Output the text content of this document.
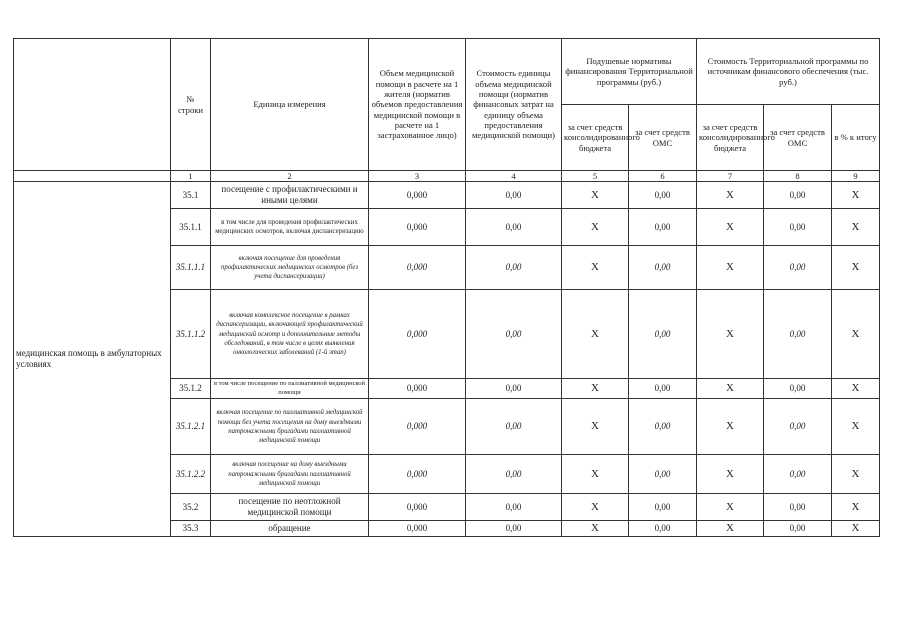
	№ строки	Единица измерения	Объем медицинской помощи в расчете на 1 жителя (норматив объемов предоставления медицинской помощи в расчете на 1 застрахованное лицо)	Стоимость единицы объема медицинской помощи (норматив финансовых затрат на единицу объема предоставления медицинской помощи)	Подушевые нормативы финансирования Территориальной программы (руб.)		Стоимость Территориальной программы по источникам финансового обеспечения (тыс. руб.)		
					за счет средств консолидированного бюджета	за счет средств ОМС	за счет средств консолидированного бюджета	за счет средств ОМС	в % к итогу
	1	2	3	4	5	6	7	8	9
медицинская помощь в амбулаторных условиях	35.1	посещение с профилактическими и иными целями	0,000	0,00	X	0,00	X	0,00	X
	35.1.1	в том числе для проведения профилактических медицинских осмотров, включая диспансеризацию	0,000	0,00	X	0,00	X	0,00	X
	35.1.1.1	включая посещение для проведения профилактических медицинских осмотров (без учета диспансеризации)	0,000	0,00	X	0,00	X	0,00	X
	35.1.1.2	включая комплексное посещение в рамках диспансеризации, включающей профилактический медицинский осмотр и дополнительные методы обследований, в том числе в целях выявления онкологических заболеваний (1-й этап)	0,000	0,00	X	0,00	X	0,00	X
	35.1.2	в том числе посещение по паллиативной медицинской помощи	0,000	0,00	X	0,00	X	0,00	X
	35.1.2.1	включая посещение по паллиативной медицинской помощи без учета посещения на дому выездными патронажными бригадами паллиативной медицинской помощи	0,000	0,00	X	0,00	X	0,00	X
	35.1.2.2	включая посещение на дому выездными патронажными бригадами паллиативной медицинской помощи	0,000	0,00	X	0,00	X	0,00	X
	35.2	посещение по неотложной медицинской помощи	0,000	0,00	X	0,00	X	0,00	X
	35.3	обращение	0,000	0,00	X	0,00	X	0,00	X
